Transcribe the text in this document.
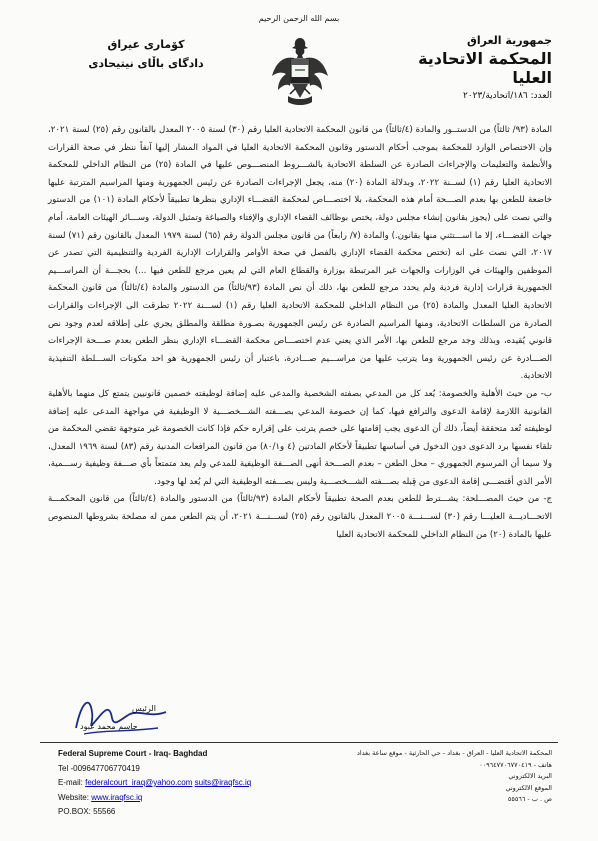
بسم الله الرحمن الرحيم
جمهورية العراق
المحكمة الاتحادية العليا
العدد: ١٨٦/اتحادية/٢٠٢٣
كۆماری عیراق
دادگای باڵای نیتیحادی

المادة (٩٣/ ثالثاً) من الدستــور والمادة (٤/ثالثاً) من قانون المحكمة الاتحادية العليا رقم (٣٠) لسنة ٢٠٠٥ المعدل بالقانون رقم (٢٥) لسنة ٢٠٢١، وإن الاختصاص الوارد للمحكمة بموجب أحكام الدستور وقانون المحكمة الاتحادية العليا في المواد المشار إليها آنفاً ننظر في صحة القرارات والأنظمة والتعليمات والإجراءات الصادرة عن السلطة الاتحادية بالشـــروط المنصـــوص عليها في المادة (٢٥) من النظام الداخلي للمحكمة الاتحادية العليا رقم (١) لســنة ٢٠٢٢، وبدلالة المادة (٢٠) منه، يجعل الإجراءات الصادرة عن رئيس الجمهورية ومنها المراسيم المترتبة عليها خاضعة للطعن بها بعدم الصـــحة أمام هذه المحكمة، بلا اختصـــاص لمحكمة القضـــاء الإداري بنظرها تطبيقاً لأحكام المادة (١٠١) من الدستور والتي نصت على (يجوز بقانون إنشاء مجلس دولة، يختص بوظائف القضاء الإداري والإفتاء والصياغة وتمثيل الدولة، وســـائر الهيئات العامة، أمام جهات القضـــاء، إلا ما اســـتثني منها بقانون.) والمادة (٧/ رابعاً) من قانون مجلس الدولة رقم (٦٥) لسنة ١٩٧٩ المعدل بالقانون رقم (٧١) لسنة ٢٠١٧، التي نصت على انه (تختص محكمة القضاء الإداري بالفصل في صحة الأوامر والقرارات الإدارية الفردية والتنظيمية التي تصدر عن الموظفين والهيئات في الوزارات والجهات غير المرتبطة بوزارة والقطاع العام التي لم يعين مرجع للطعن فيها ...) بحجـــة أن المراســـيم الجمهورية قرارات إدارية فردية ولم يحدد مرجع للطعن بها، ذلك أن نص المادة (٩٣/ثالثاً) من الدستور والمادة (٤/ثالثاً) من قانون المحكمة الاتحادية العليا المعدل والمادة (٢٥) من النظام الداخلي للمحكمة الاتحادية العليا رقم (١) لســـنة ٢٠٢٢ تطرقت الى الإجراءات والقرارات الصادرة من السلطات الاتحادية، ومنها المراسيم الصادرة عن رئيس الجمهورية بصـورة مطلقة والمطلق يجري على إطلاقه لعدم وجود نص قانوني يُقيده، وبذلك وجد مرجع للطعن بها، الأمر الذي يعني عدم اختصـــاص محكمة القضـــاء الإداري بنظر الطعن بعدم صـــحة الإجراءات الصـــادرة عن رئيس الجمهورية وما يترتب عليها من مراســـيم صـــادرة، باعتبار أن رئيس الجمهورية هو احد مكونات الســـلطة التنفيذية الاتحادية.

ب- من حيث الأهلية والخصومة: يُعد كل من المدعي بصفته الشخصية والمدعى عليه إضافة لوظيفته خصمين قانونيين يتمتع كل منهما بالأهلية القانونية اللازمة لإقامة الدعوى والترافع فيها، كما إن خصومة المدعي بصـــفته الشـــخصـــية لا الوظيفية في مواجهة المدعى عليه إضافة لوظيفته تُعد متحققة أيضاً، ذلك أن الدعوى يجب إقامتها على خصم يترتب على إقراره حكم فإذا كانت الخصومة غير متوجهة تقضي المحكمة من تلقاء نفسها برد الدعوى دون الدخول في أساسها تطبيقاً لأحكام المادتين (٤ و٨٠/١) من قانون المرافعات المدنية رقم (٨٣) لسنة ١٩٦٩ المعدل، ولا سيما أن المرسوم الجمهوري – محل الطعن – بعدم الصـــحة أنهى الصـــفة الوظيفية للمدعي ولم يعد متمتعاً بأي صـــفة وظيفية رســـمية، الأمر الذي أقتضـــى إقامة الدعوى من قِبله بصـــفته الشـــخصـــية وليس بصـــفته الوظيفية التي لم يُعد لها وجود.

ج- من حيث المصـــلحة: يشـــترط للطعن بعدم الصحة تطبيقاً لأحكام المادة (٩٣/ثالثاً) من الدستور والمادة (٤/ثالثاً) من قانون المحكمـــة الاتحـــاديـــة العليـــا رقم (٣٠) لســـنـــة ٢٠٠٥ المعدل بالقانون رقم (٢٥) لســـنـــة ٢٠٢١، أن يتم الطعن ممن له مصلحة بشروطها المنصوص عليها بالمادة (٢٠) من النظام الداخلي للمحكمة الاتحادية العليا

الرئيس
جاسم محمد عبود
Federal Supreme Court - Iraq- Baghdad
Tel -009647706770419
E-mail: federalcourt_iraq@yahoo.com suits@iraqfsc.iq
Website: www.iraqfsc.iq
PO.BOX: 55566
المحكمة الاتحادية العليا - العراق - بغداد - حي الحارثية - موقع ساعة بغداد
هاتف - ٠٠٩٦٤٧٧٠٦٧٧٠٤١٩
البريد الالكتروني
الموقع الالكتروني
ص . ب - ٥٥٥٦٦
